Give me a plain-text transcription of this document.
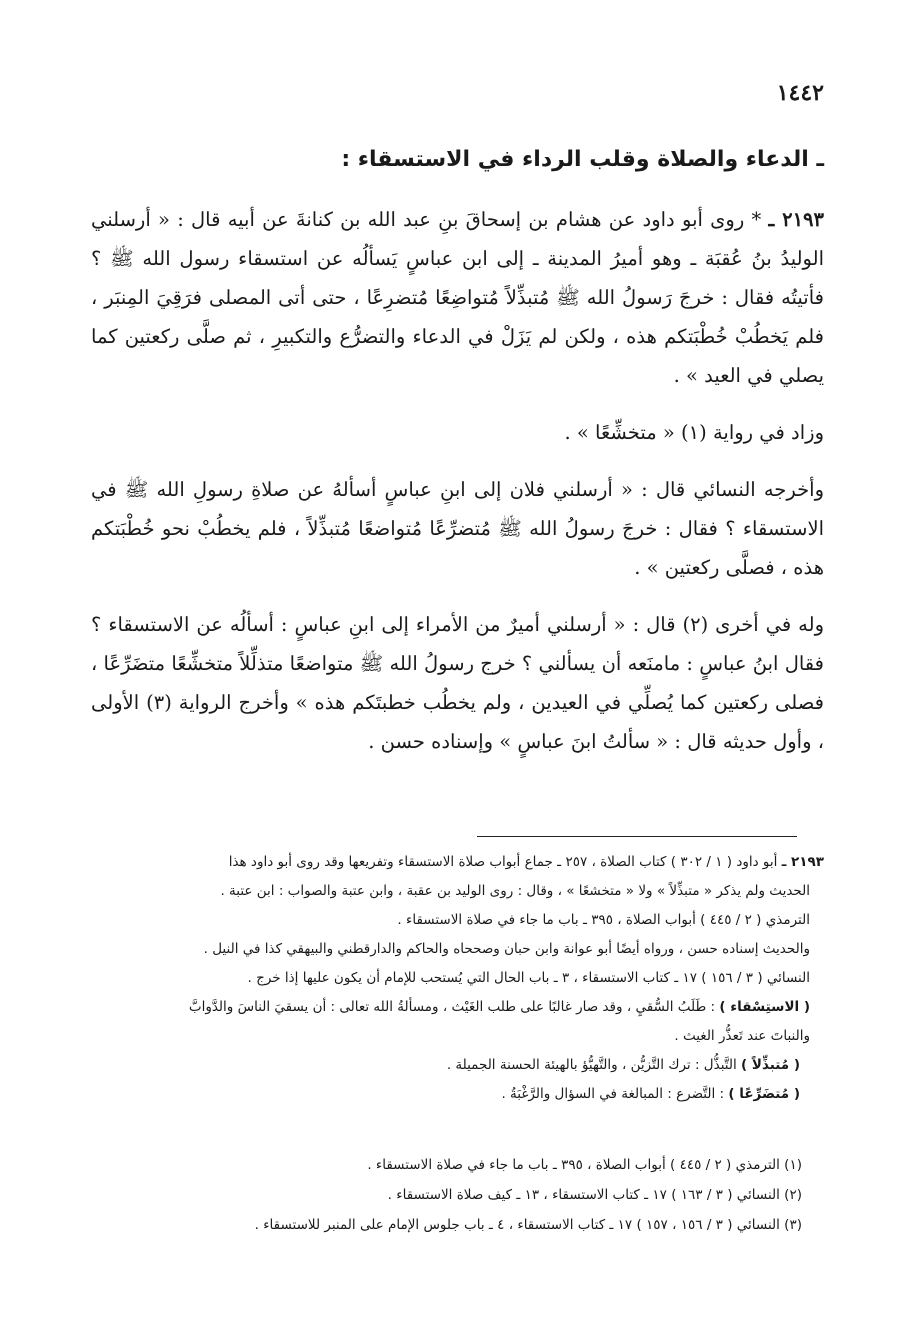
١٤٤٢
ـ الدعاء والصلاة وقلب الرداء في الاستسقاء :

٢١٩٣ ـ * روى أبو داود عن هشام بن إسحاقَ بنِ عبد الله بن كنانةَ عن أبيه قال : « أرسلني الوليدُ بنُ عُقبَة ـ وهو أميرُ المدينة ـ إلى ابن عباسٍ يَسألُه عن استسقاء رسول الله ﷺ ؟ فأتيتُه فقال : خرجَ رَسولُ الله ﷺ مُتبذِّلاً مُتواضِعًا مُتضرِعًا ، حتى أتى المصلى فرَقِيَ المِنبَر ، فلم يَخطُبْ خُطْبَتكم هذه ، ولكن لم يَزَلْ في الدعاء والتضرُّع والتكبيرِ ، ثم صلَّى ركعتين كما يصلي في العيد » .

وزاد في رواية (١) « متخشِّعًا » .

وأخرجه النسائي قال : « أرسلني فلان إلى ابنِ عباسٍ أسألهُ عن صلاةِ رسولِ الله ﷺ في الاستسقاء ؟ فقال : خرجَ رسولُ الله ﷺ مُتضرِّعًا مُتواضعًا مُتبذِّلاً ، فلم يخطُبْ نحو خُطْبَتكم هذه ، فصلَّى ركعتين » .

وله في أخرى (٢) قال : « أرسلني أميرٌ من الأمراء إلى ابنِ عباسٍ : أسألُه عن الاستسقاء ؟ فقال ابنُ عباسٍ : مامنَعه أن يسألني ؟ خرج رسولُ الله ﷺ متواضعًا متذلِّلاً متخشِّعًا متضَرِّعًا ، فصلى ركعتين كما يُصلِّي في العيدين ، ولم يخطُب خطبتَكم هذه » وأخرج الرواية (٣) الأولى ، وأول حديثه قال : « سألتُ ابنَ عباسٍ » وإسناده حسن .

٢١٩٣ ـ أبو داود ( ١ / ٣٠٢ ) كتاب الصلاة ، ٢٥٧ ـ جماع أبواب صلاة الاستسقاء وتفريعها وقد روى أبو داود هذا

الحديث ولم يذكر « متبذِّلاً » ولا « متخشعًا » ، وقال : روى الوليد بن عقبة ، وابن عتبة والصواب : ابن عتبة .

الترمذي ( ٢ / ٤٤٥ ) أبواب الصلاة ، ٣٩٥ ـ باب ما جاء في صلاة الاستسقاء .

والحديث إسناده حسن ، ورواه أيضًا أبو عوانة وابن حبان وصححاه والحاكم والدارقطني والبيهقي كذا في النيل .

النسائي ( ٣ / ١٥٦ ) ١٧ ـ كتاب الاستسقاء ، ٣ ـ باب الحال التي يُستحب للإمام أن يكون عليها إذا خرج .

( الاستِسْقاء ) : طَلَبُ السُّقيِ ، وقد صار غالبًا على طلب الغَيْث ، ومسألةُ الله تعالى : أن يسقيَ الناسَ والدَّوابَّ

والنباتَ عند تَعذُّر الغيث .

( مُتبذِّلاً ) التَّبذُّل : ترك التَّزيُّن ، والتَّهيُّؤ بالهيئة الحسنة الجميلة .

( مُتضَرِّعًا ) : التَّضرع : المبالغة في السؤال والرَّغْبَةُ .

(١) الترمذي ( ٢ / ٤٤٥ ) أبواب الصلاة ، ٣٩٥ ـ باب ما جاء في صلاة الاستسقاء .

(٢) النسائي ( ٣ / ١٦٣ ) ١٧ ـ كتاب الاستسقاء ، ١٣ ـ كيف صلاة الاستسقاء .

(٣) النسائي ( ٣ / ١٥٦ ، ١٥٧ ) ١٧ ـ كتاب الاستسقاء ، ٤ ـ باب جلوس الإمام على المنبر للاستسقاء .
